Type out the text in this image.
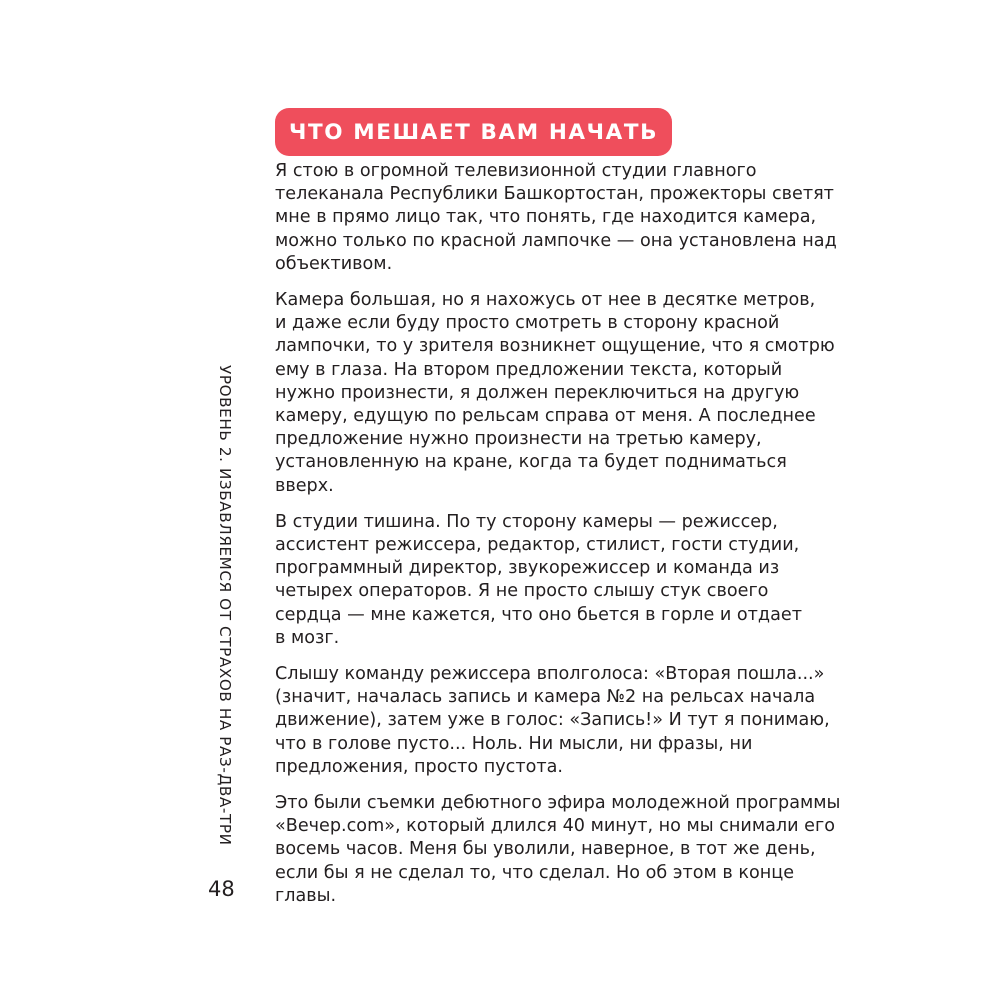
ЧТО МЕШАЕТ ВАМ НАЧАТЬ

Я стою в огромной телевизионной студии главного
телеканала Республики Башкортостан, прожекторы светят
мне в прямо лицо так, что понять, где находится камера,
можно только по красной лампочке — она установлена над
объективом.

Камера большая, но я нахожусь от нее в десятке метров,
и даже если буду просто смотреть в сторону красной
лампочки, то у зрителя возникнет ощущение, что я смотрю
ему в глаза. На втором предложении текста, который
нужно произнести, я должен переключиться на другую
камеру, едущую по рельсам справа от меня. А последнее
предложение нужно произнести на третью камеру,
установленную на кране, когда та будет подниматься
вверх.

В студии тишина. По ту сторону камеры — режиссер,
ассистент режиссера, редактор, стилист, гости студии,
программный директор, звукорежиссер и команда из
четырех операторов. Я не просто слышу стук своего
сердца — мне кажется, что оно бьется в горле и отдает
в мозг.

Слышу команду режиссера вполголоса: «Вторая пошла...»
(значит, началась запись и камера №2 на рельсах начала
движение), затем уже в голос: «Запись!» И тут я понимаю,
что в голове пусто... Ноль. Ни мысли, ни фразы, ни
предложения, просто пустота.

Это были съемки дебютного эфира молодежной программы
«Вечер.com», который длился 40 минут, но мы снимали его
восемь часов. Меня бы уволили, наверное, в тот же день,
если бы я не сделал то, что сделал. Но об этом в конце
главы.

УРОВЕНЬ 2. ИЗБАВЛЯЕМСЯ ОТ СТРАХОВ НА РАЗ-ДВА-ТРИ
48
